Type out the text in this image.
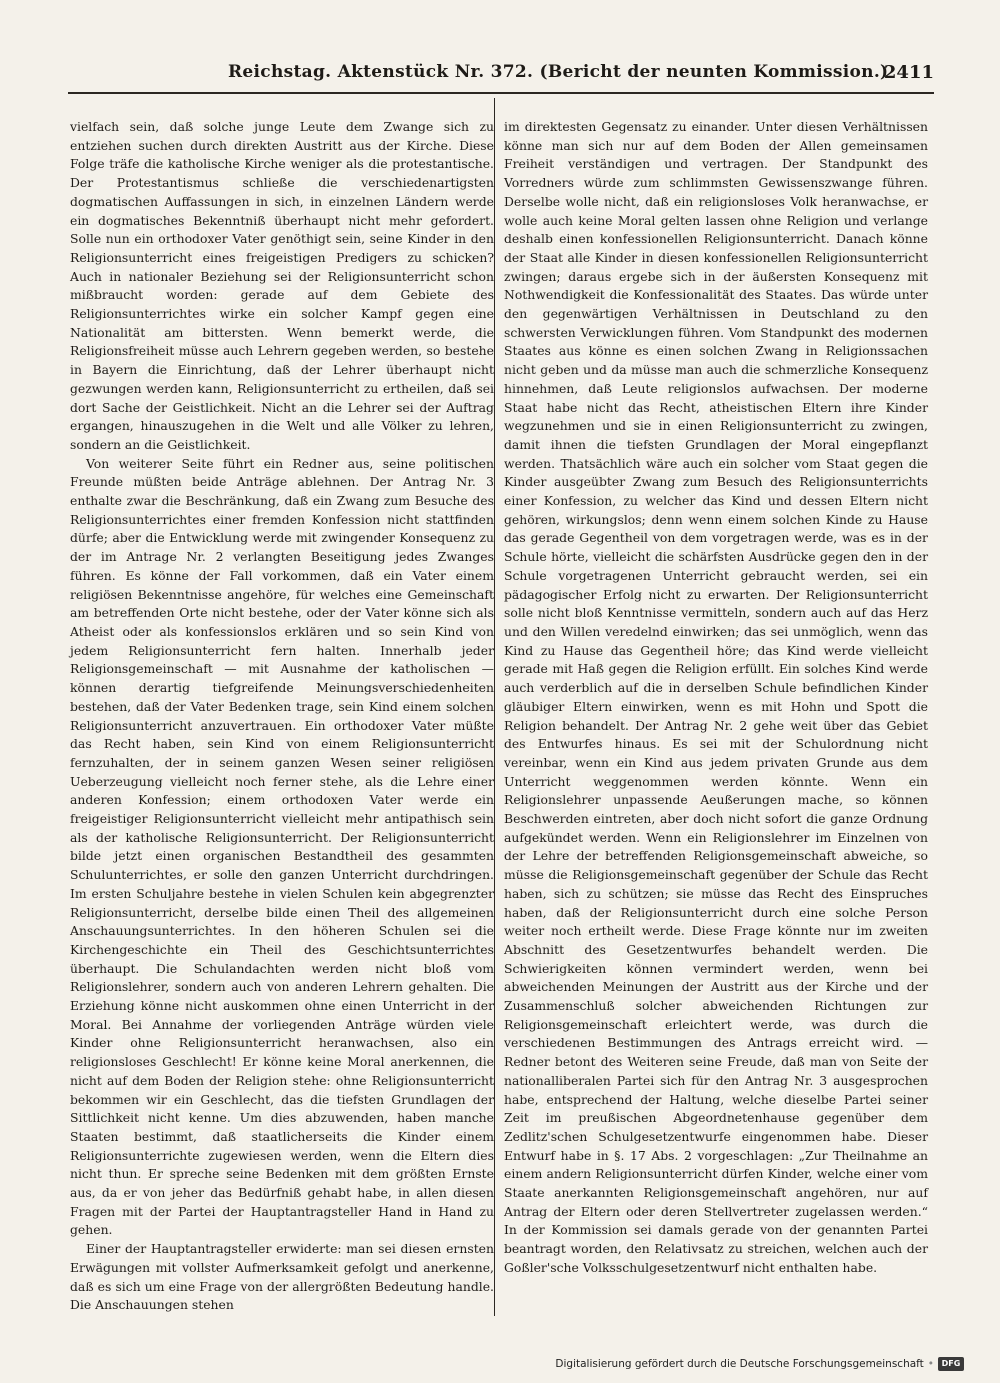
Reichstag. Aktenstück Nr. 372. (Bericht der neunten Kommission.)
2411

vielfach sein, daß solche junge Leute dem Zwange sich zu entziehen suchen durch direkten Austritt aus der Kirche. Diese Folge träfe die katholische Kirche weniger als die protestantische. Der Protestantismus schließe die verschiedenartigsten dogmatischen Auffassungen in sich, in einzelnen Ländern werde ein dogmatisches Bekenntniß überhaupt nicht mehr gefordert. Solle nun ein orthodoxer Vater genöthigt sein, seine Kinder in den Religionsunterricht eines freigeistigen Predigers zu schicken? Auch in nationaler Beziehung sei der Religionsunterricht schon mißbraucht worden: gerade auf dem Gebiete des Religionsunterrichtes wirke ein solcher Kampf gegen eine Nationalität am bittersten. Wenn bemerkt werde, die Religionsfreiheit müsse auch Lehrern gegeben werden, so bestehe in Bayern die Einrichtung, daß der Lehrer überhaupt nicht gezwungen werden kann, Religionsunterricht zu ertheilen, daß sei dort Sache der Geistlichkeit. Nicht an die Lehrer sei der Auftrag ergangen, hinauszugehen in die Welt und alle Völker zu lehren, sondern an die Geistlichkeit.

Von weiterer Seite führt ein Redner aus, seine politischen Freunde müßten beide Anträge ablehnen. Der Antrag Nr. 3 enthalte zwar die Beschränkung, daß ein Zwang zum Besuche des Religionsunterrichtes einer fremden Konfession nicht stattfinden dürfe; aber die Entwicklung werde mit zwingender Konsequenz zu der im Antrage Nr. 2 verlangten Beseitigung jedes Zwanges führen. Es könne der Fall vorkommen, daß ein Vater einem religiösen Bekenntnisse angehöre, für welches eine Gemeinschaft am betreffenden Orte nicht bestehe, oder der Vater könne sich als Atheist oder als konfessionslos erklären und so sein Kind von jedem Religionsunterricht fern halten. Innerhalb jeder Religionsgemeinschaft — mit Ausnahme der katholischen — können derartig tiefgreifende Meinungsverschiedenheiten bestehen, daß der Vater Bedenken trage, sein Kind einem solchen Religionsunterricht anzuvertrauen. Ein orthodoxer Vater müßte das Recht haben, sein Kind von einem Religionsunterricht fernzuhalten, der in seinem ganzen Wesen seiner religiösen Ueberzeugung vielleicht noch ferner stehe, als die Lehre einer anderen Konfession; einem orthodoxen Vater werde ein freigeistiger Religionsunterricht vielleicht mehr antipathisch sein als der katholische Religionsunterricht. Der Religionsunterricht bilde jetzt einen organischen Bestandtheil des gesammten Schulunterrichtes, er solle den ganzen Unterricht durchdringen. Im ersten Schuljahre bestehe in vielen Schulen kein abgegrenzter Religionsunterricht, derselbe bilde einen Theil des allgemeinen Anschauungsunterrichtes. In den höheren Schulen sei die Kirchengeschichte ein Theil des Geschichtsunterrichtes überhaupt. Die Schulandachten werden nicht bloß vom Religionslehrer, sondern auch von anderen Lehrern gehalten. Die Erziehung könne nicht auskommen ohne einen Unterricht in der Moral. Bei Annahme der vorliegenden Anträge würden viele Kinder ohne Religionsunterricht heranwachsen, also ein religionsloses Geschlecht! Er könne keine Moral anerkennen, die nicht auf dem Boden der Religion stehe: ohne Religionsunterricht bekommen wir ein Geschlecht, das die tiefsten Grundlagen der Sittlichkeit nicht kenne. Um dies abzuwenden, haben manche Staaten bestimmt, daß staatlicherseits die Kinder einem Religionsunterrichte zugewiesen werden, wenn die Eltern dies nicht thun. Er spreche seine Bedenken mit dem größten Ernste aus, da er von jeher das Bedürfniß gehabt habe, in allen diesen Fragen mit der Partei der Hauptantragsteller Hand in Hand zu gehen.

Einer der Hauptantragsteller erwiderte: man sei diesen ernsten Erwägungen mit vollster Aufmerksamkeit gefolgt und anerkenne, daß es sich um eine Frage von der allergrößten Bedeutung handle. Die Anschauungen stehen

im direktesten Gegensatz zu einander. Unter diesen Verhältnissen könne man sich nur auf dem Boden der Allen gemeinsamen Freiheit verständigen und vertragen. Der Standpunkt des Vorredners würde zum schlimmsten Gewissenszwange führen. Derselbe wolle nicht, daß ein religionsloses Volk heranwachse, er wolle auch keine Moral gelten lassen ohne Religion und verlange deshalb einen konfessionellen Religionsunterricht. Danach könne der Staat alle Kinder in diesen konfessionellen Religionsunterricht zwingen; daraus ergebe sich in der äußersten Konsequenz mit Nothwendigkeit die Konfessionalität des Staates. Das würde unter den gegenwärtigen Verhältnissen in Deutschland zu den schwersten Verwicklungen führen. Vom Standpunkt des modernen Staates aus könne es einen solchen Zwang in Religionssachen nicht geben und da müsse man auch die schmerzliche Konsequenz hinnehmen, daß Leute religionslos aufwachsen. Der moderne Staat habe nicht das Recht, atheistischen Eltern ihre Kinder wegzunehmen und sie in einen Religionsunterricht zu zwingen, damit ihnen die tiefsten Grundlagen der Moral eingepflanzt werden. Thatsächlich wäre auch ein solcher vom Staat gegen die Kinder ausgeübter Zwang zum Besuch des Religionsunterrichts einer Konfession, zu welcher das Kind und dessen Eltern nicht gehören, wirkungslos; denn wenn einem solchen Kinde zu Hause das gerade Gegentheil von dem vorgetragen werde, was es in der Schule hörte, vielleicht die schärfsten Ausdrücke gegen den in der Schule vorgetragenen Unterricht gebraucht werden, sei ein pädagogischer Erfolg nicht zu erwarten. Der Religionsunterricht solle nicht bloß Kenntnisse vermitteln, sondern auch auf das Herz und den Willen veredelnd einwirken; das sei unmöglich, wenn das Kind zu Hause das Gegentheil höre; das Kind werde vielleicht gerade mit Haß gegen die Religion erfüllt. Ein solches Kind werde auch verderblich auf die in derselben Schule befindlichen Kinder gläubiger Eltern einwirken, wenn es mit Hohn und Spott die Religion behandelt. Der Antrag Nr. 2 gehe weit über das Gebiet des Entwurfes hinaus. Es sei mit der Schulordnung nicht vereinbar, wenn ein Kind aus jedem privaten Grunde aus dem Unterricht weggenommen werden könnte. Wenn ein Religionslehrer unpassende Aeußerungen mache, so können Beschwerden eintreten, aber doch nicht sofort die ganze Ordnung aufgekündet werden. Wenn ein Religionslehrer im Einzelnen von der Lehre der betreffenden Religionsgemeinschaft abweiche, so müsse die Religionsgemeinschaft gegenüber der Schule das Recht haben, sich zu schützen; sie müsse das Recht des Einspruches haben, daß der Religionsunterricht durch eine solche Person weiter noch ertheilt werde. Diese Frage könnte nur im zweiten Abschnitt des Gesetzentwurfes behandelt werden. Die Schwierigkeiten können vermindert werden, wenn bei abweichenden Meinungen der Austritt aus der Kirche und der Zusammenschluß solcher abweichenden Richtungen zur Religionsgemeinschaft erleichtert werde, was durch die verschiedenen Bestimmungen des Antrags erreicht wird. — Redner betont des Weiteren seine Freude, daß man von Seite der nationalliberalen Partei sich für den Antrag Nr. 3 ausgesprochen habe, entsprechend der Haltung, welche dieselbe Partei seiner Zeit im preußischen Abgeordnetenhause gegenüber dem Zedlitz'schen Schulgesetzentwurfe eingenommen habe. Dieser Entwurf habe in §. 17 Abs. 2 vorgeschlagen: „Zur Theilnahme an einem andern Religionsunterricht dürfen Kinder, welche einer vom Staate anerkannten Religionsgemeinschaft angehören, nur auf Antrag der Eltern oder deren Stellvertreter zugelassen werden.“ In der Kommission sei damals gerade von der genannten Partei beantragt worden, den Relativsatz zu streichen, welchen auch der Goßler'sche Volksschulgesetzentwurf nicht enthalten habe.

Digitalisierung gefördert durch die Deutsche Forschungsgemeinschaft • DFG
